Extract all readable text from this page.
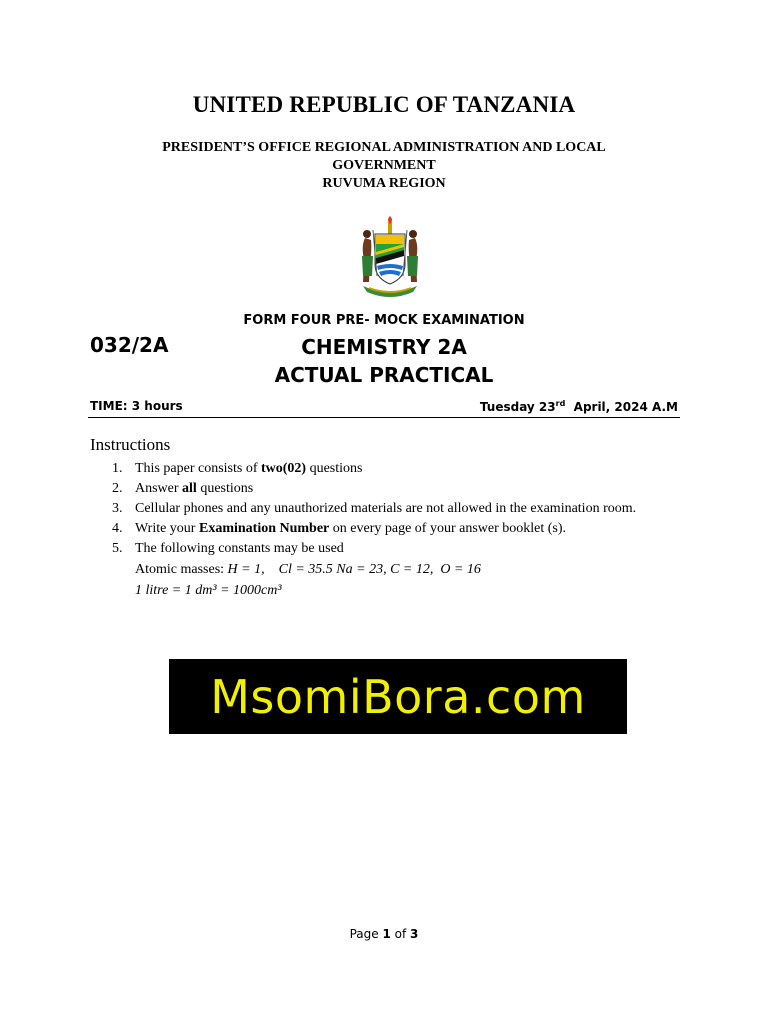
UNITED REPUBLIC OF TANZANIA
PRESIDENT’S OFFICE REGIONAL ADMINISTRATION AND LOCAL
GOVERNMENT
RUVUMA REGION
FORM FOUR PRE- MOCK EXAMINATION
032/2A	CHEMISTRY 2A
ACTUAL PRACTICAL
TIME: 3 hours	Tuesday 23rd  April, 2024 A.M
Instructions
1. This paper consists of two(02) questions
2. Answer all questions
3. Cellular phones and any unauthorized materials are not allowed in the examination room.
4. Write your Examination Number on every page of your answer booklet (s).
5. The following constants may be used
Atomic masses: H = 1,    Cl = 35.5 Na = 23, C = 12,  O = 16
1 litre = 1 dm³ = 1000cm³
MsomiBora.com
Page 1 of 3
